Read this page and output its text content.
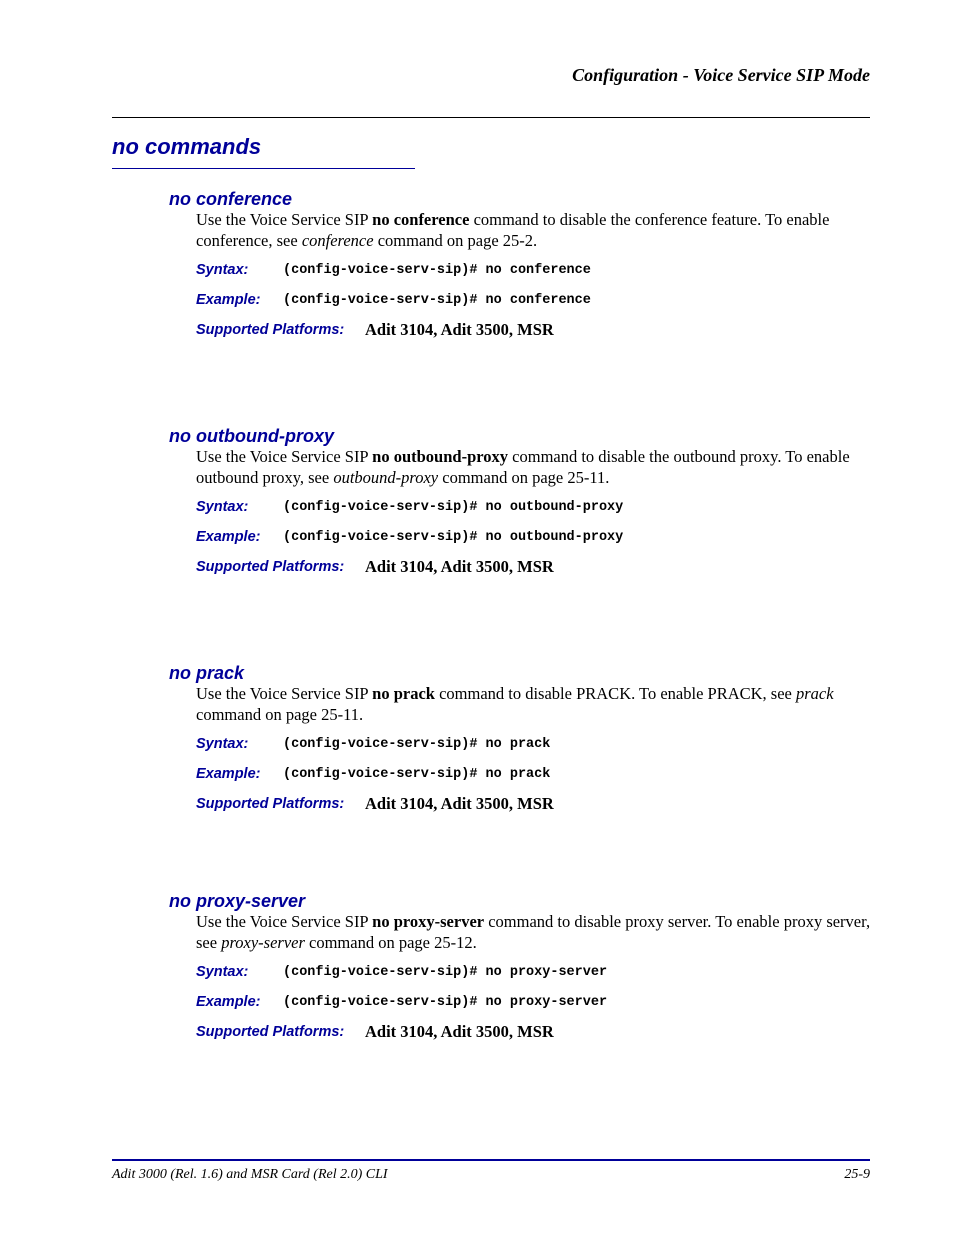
Configuration - Voice Service SIP Mode
no commands
no conference
Use the Voice Service SIP no conference command to disable the conference feature. To enable conference, see conference command on page 25-2.
Syntax:	(config-voice-serv-sip)# no conference
Example: (config-voice-serv-sip)# no conference
Supported Platforms: Adit 3104, Adit 3500, MSR
no outbound-proxy
Use the Voice Service SIP no outbound-proxy command to disable the outbound proxy. To enable outbound proxy, see outbound-proxy command on page 25-11.
Syntax:	(config-voice-serv-sip)# no outbound-proxy
Example: (config-voice-serv-sip)# no outbound-proxy
Supported Platforms: Adit 3104, Adit 3500, MSR
no prack
Use the Voice Service SIP no prack command to disable PRACK. To enable PRACK, see prack command on page 25-11.
Syntax:	(config-voice-serv-sip)# no prack
Example: (config-voice-serv-sip)# no prack
Supported Platforms: Adit 3104, Adit 3500, MSR
no proxy-server
Use the Voice Service SIP no proxy-server command to disable proxy server. To enable proxy server, see proxy-server command on page 25-12.
Syntax:	(config-voice-serv-sip)# no proxy-server
Example: (config-voice-serv-sip)# no proxy-server
Supported Platforms: Adit 3104, Adit 3500, MSR
Adit 3000 (Rel. 1.6) and MSR Card (Rel 2.0) CLI	25-9
